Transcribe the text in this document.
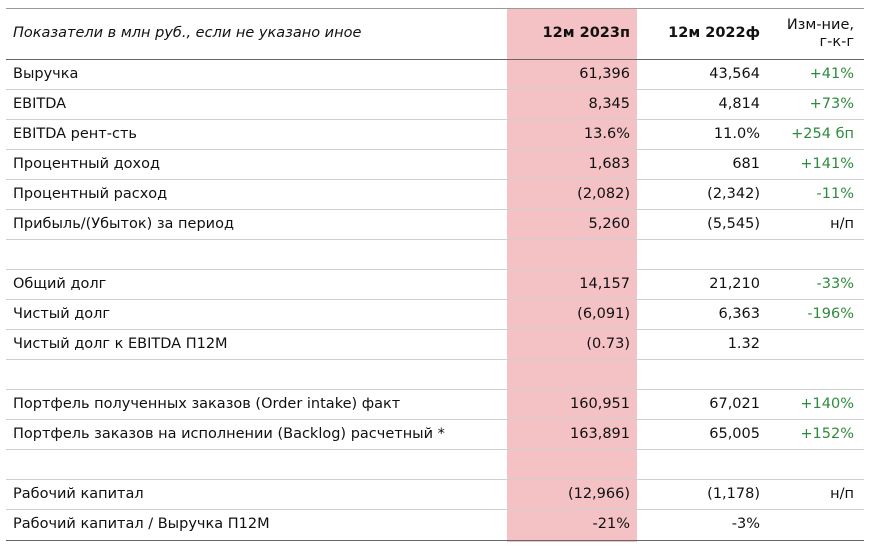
Показатели в млн руб., если не указано иное	12м 2023п	12м 2022ф	Изм-ние,
г-к-г

Выручка	61,396	43,564	+41%
EBITDA	8,345	4,814	+73%
EBITDA рент-сть	13.6%	11.0%	+254 бп
Процентный доход	1,683	681	+141%
Процентный расход	(2,082)	(2,342)	-11%
Прибыль/(Убыток) за период	5,260	(5,545)	н/п

Общий долг	14,157	21,210	-33%
Чистый долг	(6,091)	6,363	-196%
Чистый долг к EBITDA П12М	(0.73)	1.32	

Портфель полученных заказов (Order intake) факт	160,951	67,021	+140%
Портфель заказов на исполнении (Backlog) расчетный *	163,891	65,005	+152%

Рабочий капитал	(12,966)	(1,178)	н/п
Рабочий капитал / Выручка П12М	-21%	-3%	
